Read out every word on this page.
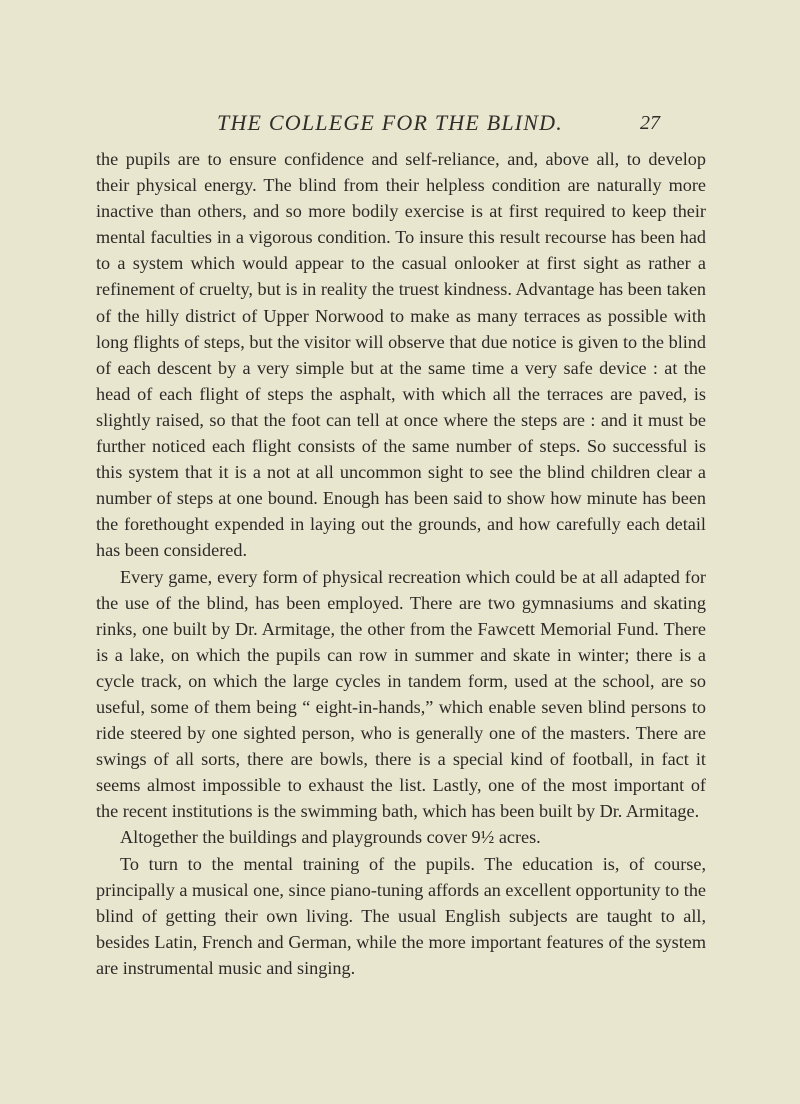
THE COLLEGE FOR THE BLIND.	27

the pupils are to ensure confidence and self-reliance, and, above all, to develop their physical energy. The blind from their helpless condition are naturally more inactive than others, and so more bodily exercise is at first required to keep their mental faculties in a vigorous condition. To insure this result recourse has been had to a system which would appear to the casual onlooker at first sight as rather a refinement of cruelty, but is in reality the truest kindness. Advantage has been taken of the hilly district of Upper Norwood to make as many terraces as possible with long flights of steps, but the visitor will observe that due notice is given to the blind of each descent by a very simple but at the same time a very safe device : at the head of each flight of steps the asphalt, with which all the terraces are paved, is slightly raised, so that the foot can tell at once where the steps are : and it must be further noticed each flight consists of the same number of steps. So successful is this system that it is a not at all uncommon sight to see the blind children clear a number of steps at one bound. Enough has been said to show how minute has been the forethought expended in laying out the grounds, and how carefully each detail has been considered.

Every game, every form of physical recreation which could be at all adapted for the use of the blind, has been employed. There are two gymnasiums and skating rinks, one built by Dr. Armitage, the other from the Fawcett Memorial Fund. There is a lake, on which the pupils can row in summer and skate in winter; there is a cycle track, on which the large cycles in tandem form, used at the school, are so useful, some of them being “ eight-in-hands,” which enable seven blind persons to ride steered by one sighted person, who is generally one of the masters. There are swings of all sorts, there are bowls, there is a special kind of football, in fact it seems almost impossible to exhaust the list. Lastly, one of the most important of the recent institutions is the swimming bath, which has been built by Dr. Armitage.

Altogether the buildings and playgrounds cover 9½ acres.

To turn to the mental training of the pupils. The education is, of course, principally a musical one, since piano-tuning affords an excellent opportunity to the blind of getting their own living. The usual English subjects are taught to all, besides Latin, French and German, while the more important features of the system are instrumental music and singing.
